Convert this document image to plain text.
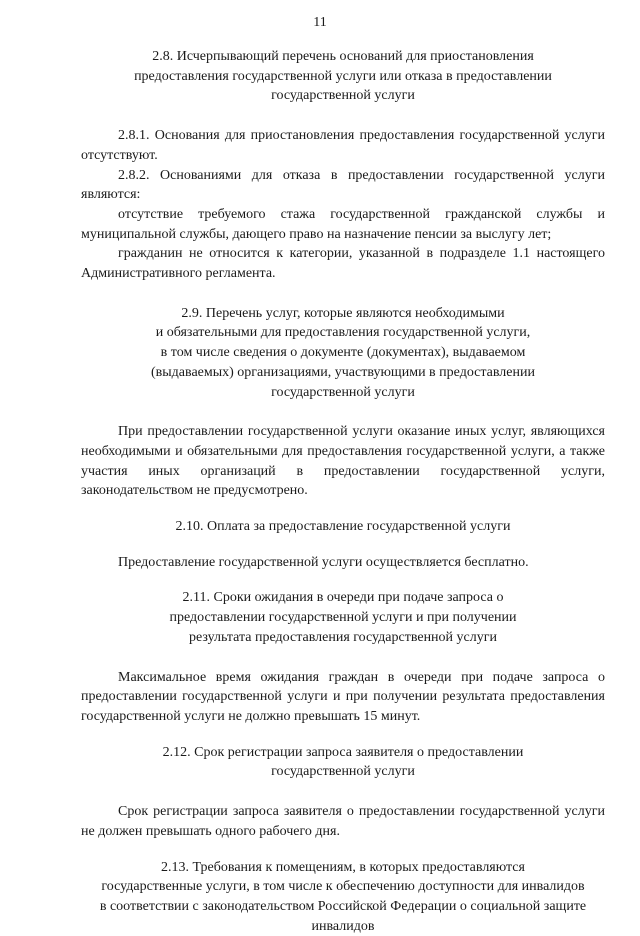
11
2.8. Исчерпывающий перечень оснований для приостановления
предоставления государственной услуги или отказа в предоставлении
государственной услуги

2.8.1. Основания для приостановления предоставления государственной услуги отсутствуют.

2.8.2. Основаниями для отказа в предоставлении государственной услуги являются:

отсутствие требуемого стажа государственной гражданской службы и муниципальной службы, дающего право на назначение пенсии за выслугу лет;

гражданин не относится к категории, указанной в подразделе 1.1 настоящего Административного регламента.

2.9. Перечень услуг, которые являются необходимыми
и обязательными для предоставления государственной услуги,
в том числе сведения о документе (документах), выдаваемом
(выдаваемых) организациями, участвующими в предоставлении
государственной услуги

При предоставлении государственной услуги оказание иных услуг, являющихся необходимыми и обязательными для предоставления государственной услуги, а также участия иных организаций в предоставлении государственной услуги, законодательством не предусмотрено.

2.10. Оплата за предоставление государственной услуги

Предоставление государственной услуги осуществляется бесплатно.

2.11. Сроки ожидания в очереди при подаче запроса о
предоставлении государственной услуги и при получении
результата предоставления государственной услуги

Максимальное время ожидания граждан в очереди при подаче запроса о предоставлении государственной услуги и при получении результата предоставления государственной услуги не должно превышать 15 минут.

2.12. Срок регистрации запроса заявителя о предоставлении
государственной услуги

Срок регистрации запроса заявителя о предоставлении государственной услуги не должен превышать одного рабочего дня.

2.13. Требования к помещениям, в которых предоставляются
государственные услуги, в том числе к обеспечению доступности для инвалидов
в соответствии с законодательством Российской Федерации о социальной защите
инвалидов
